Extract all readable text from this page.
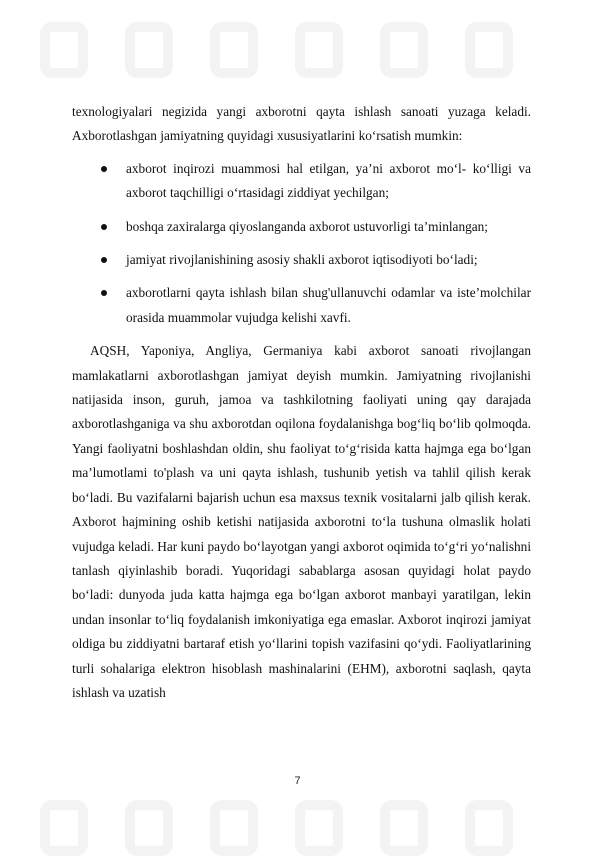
texnologiyalari negizida yangi axborotni qayta ishlash sanoati yuzaga keladi. Axborotlashgan jamiyatning quyidagi xususiyatlarini ko‘rsatish mumkin:

axborot inqirozi muammosi hal etilgan, ya’ni axborot mo‘l- ko‘lligi va axborot taqchilligi o‘rtasidagi ziddiyat yechilgan;
boshqa zaxiralarga qiyoslanganda axborot ustuvorligi ta’minlangan;
jamiyat rivojlanishining asosiy shakli axborot iqtisodiyoti bo‘ladi;
axborotlarni qayta ishlash bilan shug'ullanuvchi odamlar va iste’molchilar orasida muammolar vujudga kelishi xavfi.

AQSH, Yaponiya, Angliya, Germaniya kabi axborot sanoati rivojlangan mamlakatlarni axborotlashgan jamiyat deyish mumkin. Jamiyatning rivojlanishi natijasida inson, guruh, jamoa va tashkilotning faoliyati uning qay darajada axborotlashganiga va shu axborotdan oqilona foydalanishga bog‘liq bo‘lib qolmoqda. Yangi faoliyatni boshlashdan oldin, shu faoliyat to‘g‘risida katta hajmga ega bo‘lgan ma’lumotlami to'plash va uni qayta ishlash, tushunib yetish va tahlil qilish kerak bo‘ladi. Bu vazifalarni bajarish uchun esa maxsus texnik vositalarni jalb qilish kerak. Axborot hajmining oshib ketishi natijasida axborotni to‘la tushuna olmaslik holati vujudga keladi. Har kuni paydo bo‘layotgan yangi axborot oqimida to‘g‘ri yo‘nalishni tanlash qiyinlashib boradi. Yuqoridagi sabablarga asosan quyidagi holat paydo bo‘ladi: dunyoda juda katta hajmga ega bo‘lgan axborot manbayi yaratilgan, lekin undan insonlar to‘liq foydalanish imkoniyatiga ega emaslar. Axborot inqirozi jamiyat oldiga bu ziddiyatni bartaraf etish yo‘llarini topish vazifasini qo‘ydi. Faoliyatlarining turli sohalariga elektron hisoblash mashinalarini (EHM), axborotni saqlash, qayta ishlash va uzatish

7
